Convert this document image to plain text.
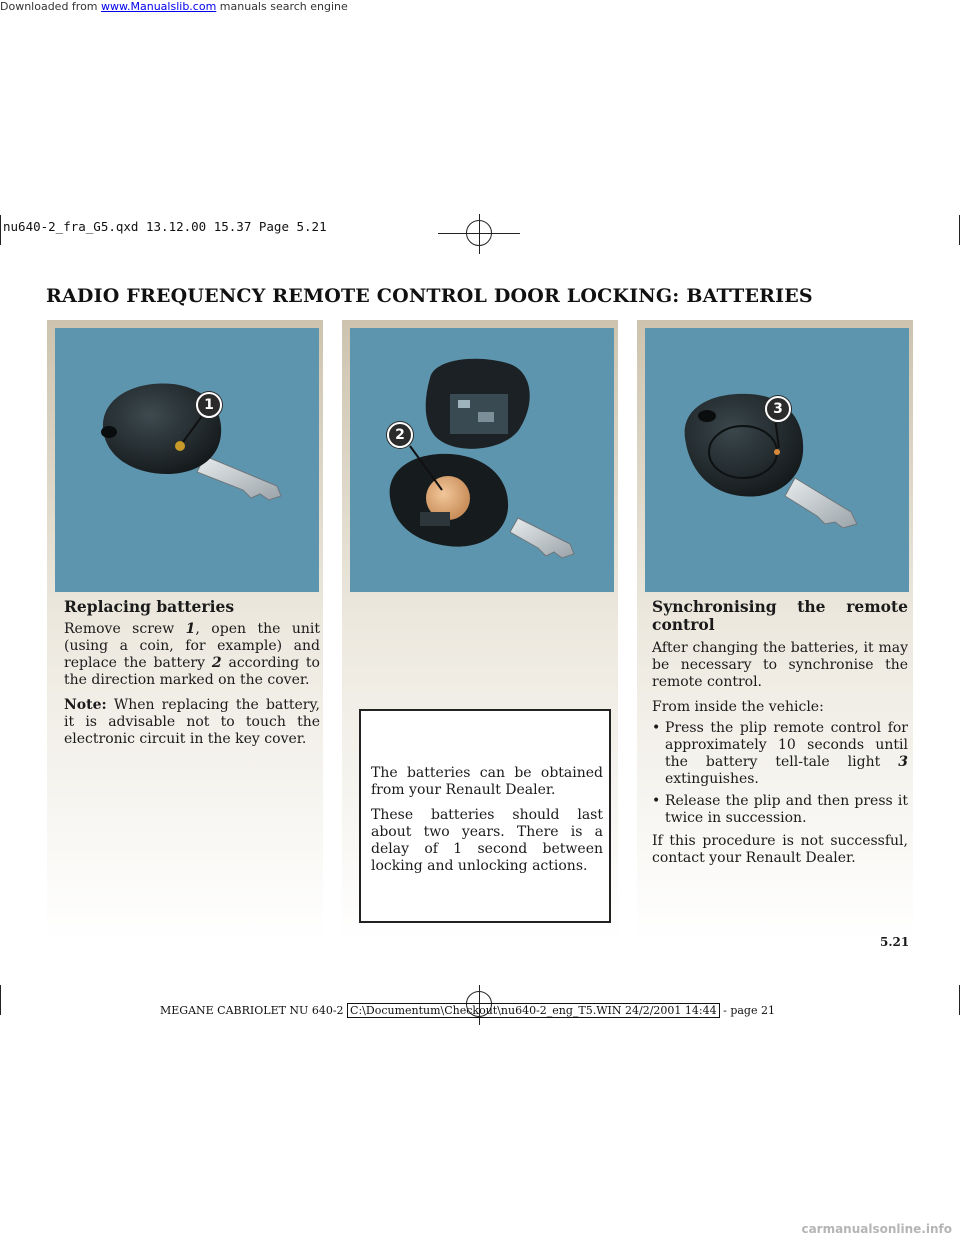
Downloaded from www.Manualslib.com manuals search engine
carmanualsonline.info
nu640-2_fra_G5.qxd 13.12.00 15.37 Page 5.21
RADIO FREQUENCY REMOTE CONTROL DOOR LOCKING: BATTERIES
1
2
3
Replacing batteries

Remove screw 1, open the unit (using a coin, for example) and replace the battery 2 according to the direction marked on the cover.

Note: When replacing the battery, it is advisable not to touch the electronic circuit in the key cover.

The batteries can be obtained from your Renault Dealer.

These batteries should last about two years. There is a delay of 1 second between locking and unlocking actions.

Synchronising the remote control

After changing the batteries, it may be necessary to synchronise the remote control.

From inside the vehicle:

• Press the plip remote control for approximately 10 seconds until the battery tell-tale light 3 extinguishes.
• Release the plip and then press it twice in succession.

If this procedure is not successful, contact your Renault Dealer.

5.21
MEGANE CABRIOLET NU 640-2 C:\Documentum\Checkout\nu640-2_eng_T5.WIN 24/2/2001 14:44 - page 21
